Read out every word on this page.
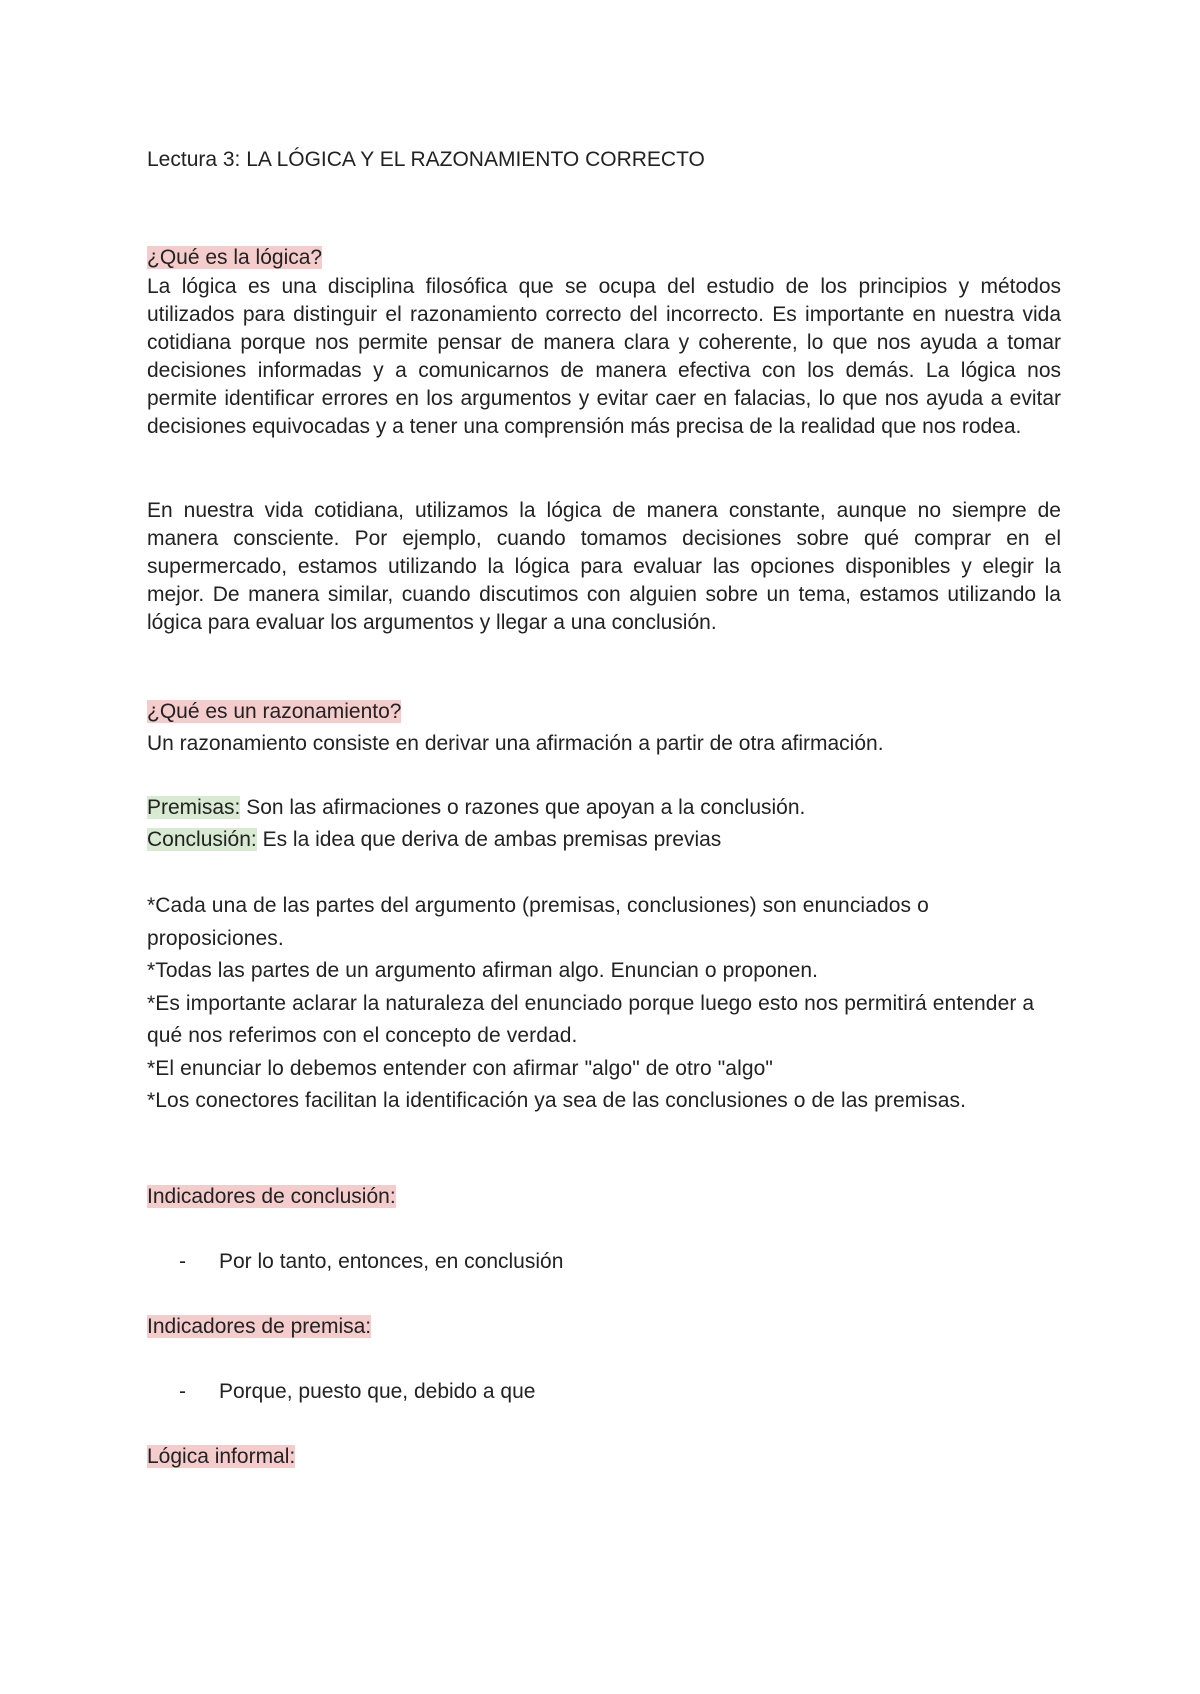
Lectura 3: LA LÓGICA Y EL RAZONAMIENTO CORRECTO
¿Qué es la lógica?
La lógica es una disciplina filosófica que se ocupa del estudio de los principios y métodos utilizados para distinguir el razonamiento correcto del incorrecto. Es importante en nuestra vida cotidiana porque nos permite pensar de manera clara y coherente, lo que nos ayuda a tomar decisiones informadas y a comunicarnos de manera efectiva con los demás. La lógica nos permite identificar errores en los argumentos y evitar caer en falacias, lo que nos ayuda a evitar decisiones equivocadas y a tener una comprensión más precisa de la realidad que nos rodea.
En nuestra vida cotidiana, utilizamos la lógica de manera constante, aunque no siempre de manera consciente. Por ejemplo, cuando tomamos decisiones sobre qué comprar en el supermercado, estamos utilizando la lógica para evaluar las opciones disponibles y elegir la mejor. De manera similar, cuando discutimos con alguien sobre un tema, estamos utilizando la lógica para evaluar los argumentos y llegar a una conclusión.
¿Qué es un razonamiento?
Un razonamiento consiste en derivar una afirmación a partir de otra afirmación.
Premisas: Son las afirmaciones o razones que apoyan a la conclusión.
Conclusión: Es la idea que deriva de ambas premisas previas

*Cada una de las partes del argumento (premisas, conclusiones) son enunciados o proposiciones.

*Todas las partes de un argumento afirman algo. Enuncian o proponen.

*Es importante aclarar la naturaleza del enunciado porque luego esto nos permitirá entender a qué nos referimos con el concepto de verdad.

*El enunciar lo debemos entender con afirmar "algo" de otro "algo"

*Los conectores facilitan la identificación ya sea de las conclusiones o de las premisas.

Indicadores de conclusión:
- Por lo tanto, entonces, en conclusión
Indicadores de premisa:
- Porque, puesto que, debido a que
Lógica informal:
